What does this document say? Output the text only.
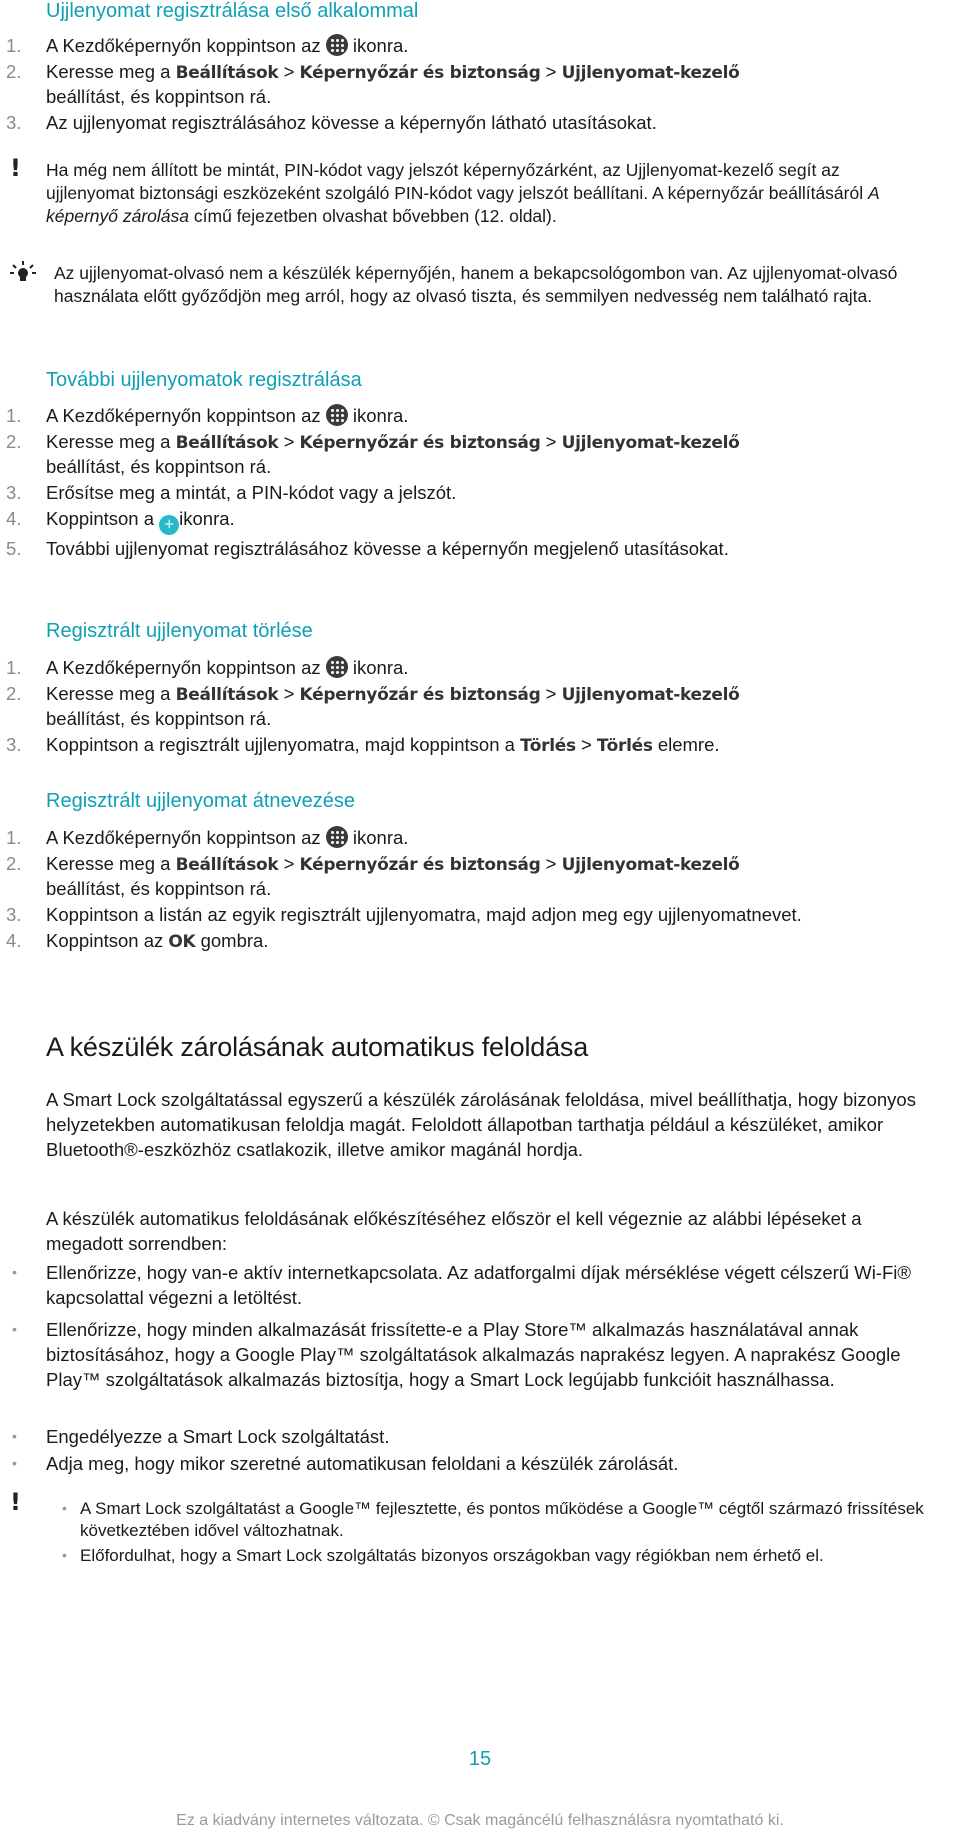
Ujjlenyomat regisztrálása első alkalommal
1. A Kezdőképernyőn koppintson az ikonra.
2. Keresse meg a Beállítások > Képernyőzár és biztonság > Ujjlenyomat-kezelő
beállítást, és koppintson rá.
3. Az ujjlenyomat regisztrálásához kövesse a képernyőn látható utasításokat.
! Ha még nem állított be mintát, PIN-kódot vagy jelszót képernyőzárként, az Ujjlenyomat-kezelő segít az ujjlenyomat biztonsági eszközeként szolgáló PIN-kódot vagy jelszót beállítani. A képernyőzár beállításáról A képernyő zárolása című fejezetben olvashat bővebben (12. oldal).
Az ujjlenyomat-olvasó nem a készülék képernyőjén, hanem a bekapcsológombon van. Az ujjlenyomat-olvasó használata előtt győződjön meg arról, hogy az olvasó tiszta, és semmilyen nedvesség nem található rajta.
További ujjlenyomatok regisztrálása
1. A Kezdőképernyőn koppintson az ikonra.
2. Keresse meg a Beállítások > Képernyőzár és biztonság > Ujjlenyomat-kezelő
beállítást, és koppintson rá.
3. Erősítse meg a mintát, a PIN-kódot vagy a jelszót.
4. Koppintson a + ikonra.
5. További ujjlenyomat regisztrálásához kövesse a képernyőn megjelenő utasításokat.
Regisztrált ujjlenyomat törlése
1. A Kezdőképernyőn koppintson az ikonra.
2. Keresse meg a Beállítások > Képernyőzár és biztonság > Ujjlenyomat-kezelő
beállítást, és koppintson rá.
3. Koppintson a regisztrált ujjlenyomatra, majd koppintson a Törlés > Törlés elemre.
Regisztrált ujjlenyomat átnevezése
1. A Kezdőképernyőn koppintson az ikonra.
2. Keresse meg a Beállítások > Képernyőzár és biztonság > Ujjlenyomat-kezelő
beállítást, és koppintson rá.
3. Koppintson a listán az egyik regisztrált ujjlenyomatra, majd adjon meg egy ujjlenyomatnevet.
4. Koppintson az OK gombra.
A készülék zárolásának automatikus feloldása
A Smart Lock szolgáltatással egyszerű a készülék zárolásának feloldása, mivel beállíthatja, hogy bizonyos helyzetekben automatikusan feloldja magát. Feloldott állapotban tarthatja például a készüléket, amikor Bluetooth®-eszközhöz csatlakozik, illetve amikor magánál hordja.
A készülék automatikus feloldásának előkészítéséhez először el kell végeznie az alábbi lépéseket a megadott sorrendben:
• Ellenőrizze, hogy van-e aktív internetkapcsolata. Az adatforgalmi díjak mérséklése végett célszerű Wi-Fi® kapcsolattal végezni a letöltést.
• Ellenőrizze, hogy minden alkalmazását frissítette-e a Play Store™ alkalmazás használatával annak biztosításához, hogy a Google Play™ szolgáltatások alkalmazás naprakész legyen. A naprakész Google Play™ szolgáltatások alkalmazás biztosítja, hogy a Smart Lock legújabb funkcióit használhassa.
• Engedélyezze a Smart Lock szolgáltatást.
• Adja meg, hogy mikor szeretné automatikusan feloldani a készülék zárolását.
!	• A Smart Lock szolgáltatást a Google™ fejlesztette, és pontos működése a Google™ cégtől származó frissítések következtében idővel változhatnak.
• Előfordulhat, hogy a Smart Lock szolgáltatás bizonyos országokban vagy régiókban nem érhető el.
15
Ez a kiadvány internetes változata. © Csak magáncélú felhasználásra nyomtatható ki.
